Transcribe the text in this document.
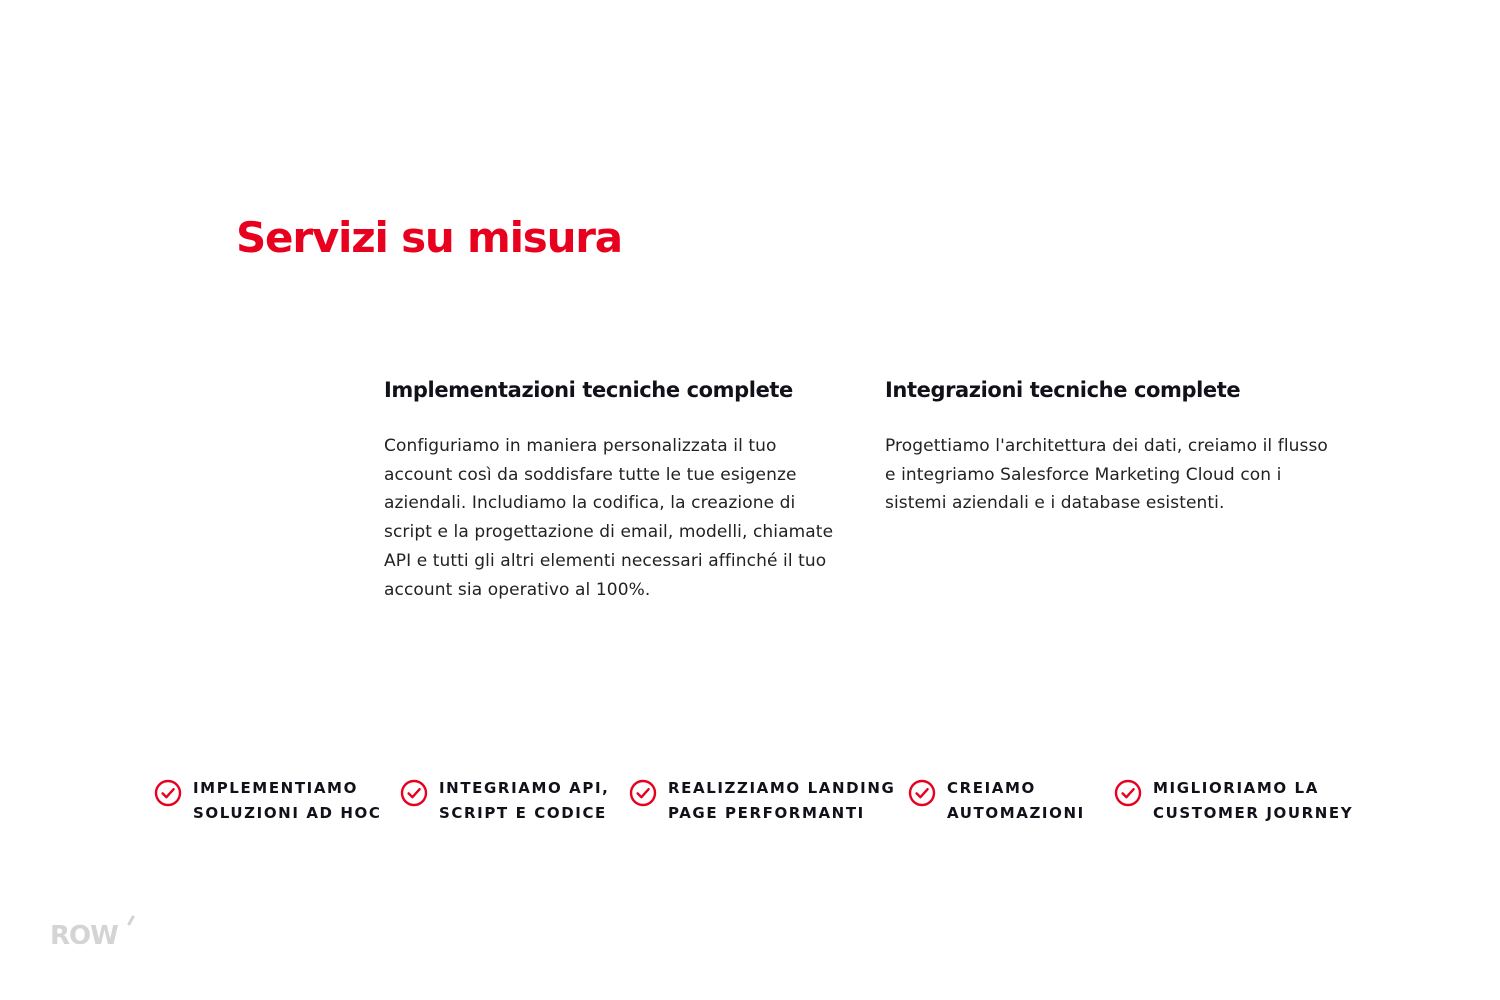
Servizi su misura
Implementazioni tecniche complete

Configuriamo in maniera personalizzata il tuo account così da soddisfare tutte le tue esigenze aziendali. Includiamo la codifica, la creazione di script e la progettazione di email, modelli, chiamate API e tutti gli altri elementi necessari affinché il tuo account sia operativo al 100%.

Integrazioni tecniche complete

Progettiamo l'architettura dei dati, creiamo il flusso e integriamo Salesforce Marketing Cloud con i sistemi aziendali e i database esistenti.

IMPLEMENTIAMO
SOLUZIONI AD HOC
INTEGRIAMO API,
SCRIPT E CODICE
REALIZZIAMO LANDING
PAGE PERFORMANTI
CREIAMO
AUTOMAZIONI
MIGLIORIAMO LA
CUSTOMER JOURNEY
ROW
